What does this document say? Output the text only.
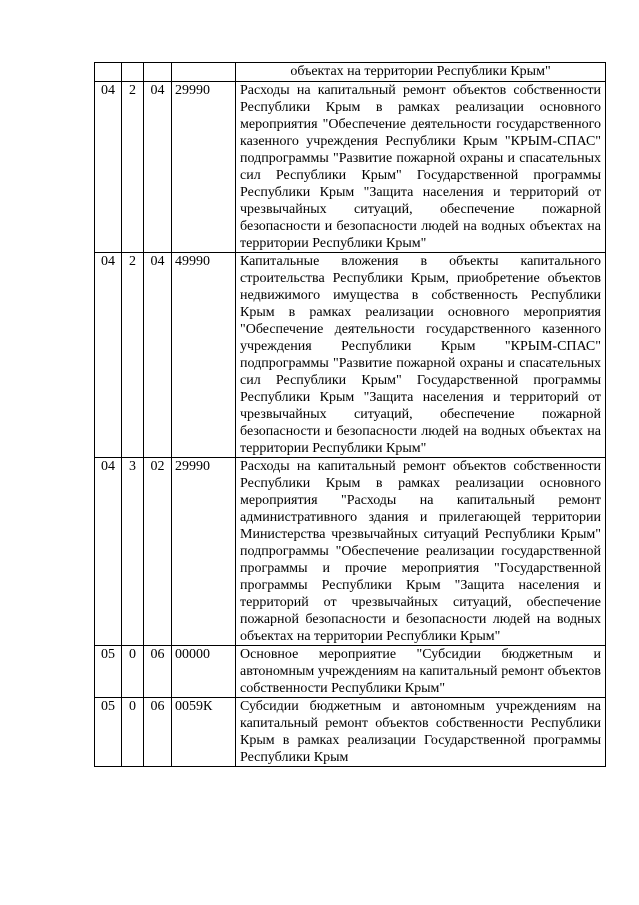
				объектах на территории Республики Крым"

04	2	04	29990	Расходы на капитальный ремонт объектов собственности Республики Крым в рамках реализации основного мероприятия "Обеспечение деятельности государственного казенного учреждения Республики Крым "КРЫМ-СПАС" подпрограммы "Развитие пожарной охраны и спасательных сил Республики Крым" Государственной программы Республики Крым "Защита населения и территорий от чрезвычайных ситуаций, обеспечение пожарной безопасности и безопасности людей на водных объектах на территории Республики Крым"
04	2	04	49990	Капитальные вложения в объекты капитального строительства Республики Крым, приобретение объектов недвижимого имущества в собственность Республики Крым в рамках реализации основного мероприятия "Обеспечение деятельности государственного казенного учреждения Республики Крым "КРЫМ-СПАС" подпрограммы "Развитие пожарной охраны и спасательных сил Республики Крым" Государственной программы Республики Крым "Защита населения и территорий от чрезвычайных ситуаций, обеспечение пожарной безопасности и безопасности людей на водных объектах на территории Республики Крым"
04	3	02	29990	Расходы на капитальный ремонт объектов собственности Республики Крым в рамках реализации основного мероприятия "Расходы на капитальный ремонт административного здания и прилегающей территории Министерства чрезвычайных ситуаций Республики Крым" подпрограммы "Обеспечение реализации государственной программы и прочие мероприятия "Государственной программы Республики Крым "Защита населения и территорий от чрезвычайных ситуаций, обеспечение пожарной безопасности и безопасности людей на водных объектах на территории Республики Крым"
05	0	06	00000	Основное мероприятие "Субсидии бюджетным и автономным учреждениям на капитальный ремонт объектов собственности Республики Крым"
05	0	06	0059К	Субсидии бюджетным и автономным учреждениям на капитальный ремонт объектов собственности Республики Крым в рамках реализации Государственной программы Республики Крым
